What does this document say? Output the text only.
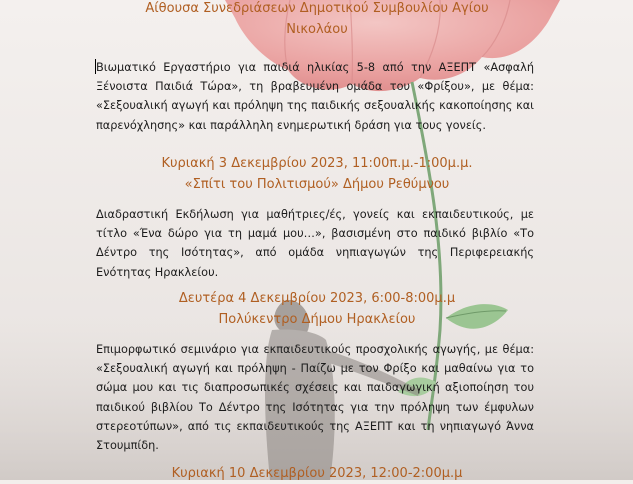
Αίθουσα Συνεδριάσεων Δημοτικού Συμβουλίου Αγίου
Νικολάου
Βιωματικό Εργαστήριο για παιδιά ηλικίας 5-8 από την ΑΞΕΠΤ «Ασφαλή Ξένοιστα Παιδιά Τώρα», τη βραβευμένη ομάδα του «Φρίξου», με θέμα: «Σεξουαλική αγωγή και πρόληψη της παιδικής σεξουαλικής κακοποίησης και παρενόχλησης» και παράλληλη ενημερωτική δράση για τους γονείς.
Κυριακή 3 Δεκεμβρίου 2023, 11:00π.μ.-1:00μ.μ.
«Σπίτι του Πολιτισμού» Δήμου Ρεθύμνου
Διαδραστική Εκδήλωση για μαθήτριες/ές, γονείς και εκπαιδευτικούς, με τίτλο «Ένα δώρο για τη μαμά μου…», βασισμένη στο παιδικό βιβλίο «Το Δέντρο της Ισότητας», από ομάδα νηπιαγωγών της Περιφερειακής Ενότητας Ηρακλείου.
Δευτέρα 4 Δεκεμβρίου 2023, 6:00-8:00μ.μ
Πολύκεντρο Δήμου Ηρακλείου
Επιμορφωτικό σεμινάριο για εκπαιδευτικούς προσχολικής αγωγής, με θέμα: «Σεξουαλική αγωγή και πρόληψη - Παίζω με τον Φρίξο και μαθαίνω για το σώμα μου και τις διαπροσωπικές σχέσεις και παιδαγωγική αξιοποίηση του παιδικού βιβλίου Το Δέντρο της Ισότητας για την πρόληψη των έμφυλων στερεοτύπων», από τις εκπαιδευτικούς της ΑΞΕΠΤ και τη νηπιαγωγό Άννα Στουμπίδη.
Κυριακή 10 Δεκεμβρίου 2023, 12:00-2:00μ.μ
